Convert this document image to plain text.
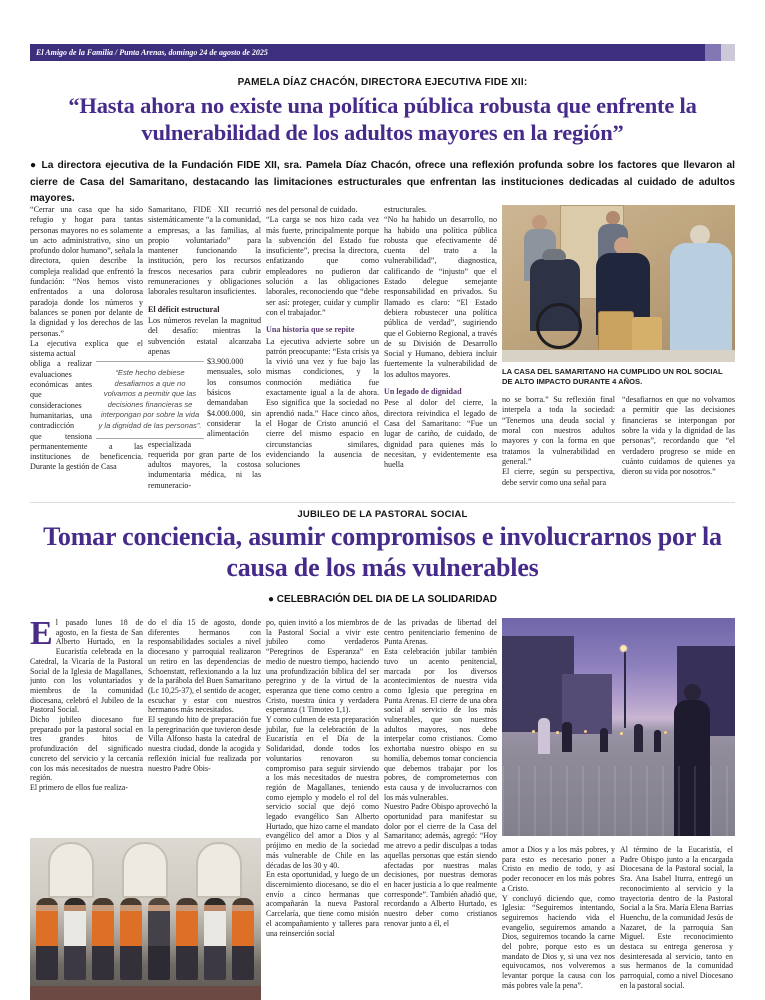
El Amigo de la Familia / Punta Arenas, domingo 24 de agosto de 2025
PAMELA DÍAZ CHACÓN, DIRECTORA EJECUTIVA FIDE XII:
“Hasta ahora no existe una política pública robusta que enfrente la vulnerabilidad de los adultos mayores en la región”
● La directora ejecutiva de la Fundación FIDE XII, sra. Pamela Díaz Chacón, ofrece una reflexión profunda sobre los factores que llevaron al cierre de Casa del Samaritano, destacando las limitaciones estructurales que enfrentan las instituciones dedicadas al cuidado de adultos mayores.

“Cerrar una casa que ha sido refugio y hogar para tantas personas mayores no es solamente un acto administrativo, sino un profundo dolor humano”, señala la directora, quien describe la compleja realidad que enfrentó la fundación: “Nos hemos visto enfrentados a una dolorosa paradoja donde los números y balances se ponen por delante de la dignidad y los derechos de las personas.”

La ejecutiva explica que el sistema actual

obliga a realizar evaluaciones económicas antes que consideraciones humanitarias, una contradicción

que tensiona permanentemente a las instituciones de beneficencia. Durante la gestión de Casa

Samaritano, FIDE XII recurrió sistemáticamente “a la comunidad, a empresas, a las familias, al propio voluntariado” para mantener funcionando la institución, pero los recursos frescos necesarios para cubrir remuneraciones y obligaciones laborales resultaron insuficientes.

El déficit estructural

Los números revelan la magnitud del desafío: mientras la subvención estatal alcanzaba apenas

$3.900.000 mensuales, solo los consumos básicos demandaban $4.000.000, sin considerar la alimentación especializada

requerida por gran parte de los adultos mayores, la costosa indumentaria médica, ni las remuneracio-

“Este hecho debiese desafiarnos a que no volvamos a permitir que las decisiones financieras se interpongan por sobre la vida y la dignidad de las personas”.

nes del personal de cuidado.

“La carga se nos hizo cada vez más fuerte, principalmente porque la subvención del Estado fue insuficiente”, precisa la directora, enfatizando que como empleadores no pudieron dar solución a las obligaciones laborales, reconociendo que “debe ser así: proteger, cuidar y cumplir con el trabajador.”

Una historia que se repite

La ejecutiva advierte sobre un patrón preocupante: “Esta crisis ya la vivió una vez y fue bajo las mismas condiciones, y la conmoción mediática fue exactamente igual a la de ahora. Eso significa que la sociedad no aprendió nada.” Hace cinco años, el Hogar de Cristo anunció el cierre del mismo espacio en circunstancias similares, evidenciando la ausencia de soluciones

estructurales.

“No ha habido un desarrollo, no ha habido una política pública robusta que efectivamente dé cuenta del trato a la vulnerabilidad”, diagnostica, calificando de “injusto” que el Estado delegue semejante responsabilidad en privados. Su llamado es claro: “El Estado debiera robustecer una política pública de verdad”, sugiriendo que el Gobierno Regional, a través de su División de Desarrollo Social y Humano, debiera incluir fuertemente la vulnerabilidad de los adultos mayores.

Un legado de dignidad

Pese al dolor del cierre, la directora reivindica el legado de Casa del Samaritano: “Fue un lugar de cariño, de cuidado, de dignidad para quienes más lo necesitan, y evidentemente esa huella

LA CASA DEL SAMARITANO HA CUMPLIDO UN ROL SOCIAL DE ALTO IMPACTO DURANTE 4 AÑOS.

no se borra.” Su reflexión final interpela a toda la sociedad: “Tenemos una deuda social y moral con nuestros adultos mayores y con la forma en que tratamos la vulnerabilidad en general.”

El cierre, según su perspectiva, debe servir como una señal para

“desafiarnos en que no volvamos a permitir que las decisiones financieras se interpongan por sobre la vida y la dignidad de las personas”, recordando que “el verdadero progreso se mide en cuánto cuidamos de quienes ya dieron su vida por nosotros.”

JUBILEO DE LA PASTORAL SOCIAL
Tomar conciencia, asumir compromisos e involucrarnos por la causa de los más vulnerables
● CELEBRACIÓN DEL DIA DE LA SOLIDARIDAD

El pasado lunes 18 de agosto, en la fiesta de San Alberto Hurtado, en la Eucaristía celebrada en la Catedral, la Vicaría de la Pastoral Social de la Iglesia de Magallanes, junto con los voluntariados y miembros de la comunidad diocesana, celebró el Jubileo de la Pastoral Social.

Dicho jubileo diocesano fue preparado por la pastoral social en tres grandes hitos de profundización del significado concreto del servicio y la cercanía con los más necesitados de nuestra región.

El primero de ellos fue realiza-

do el día 15 de agosto, donde diferentes hermanos con responsabilidades sociales a nivel diocesano y parroquial realizaron un retiro en las dependencias de Schoenstatt, reflexionando a la luz de la parábola del Buen Samaritano (Lc 10,25-37), el sentido de acoger, escuchar y estar con nuestros hermanos más necesitados.

El segundo hito de preparación fue la peregrinación que tuvieron desde Villa Alfonso hasta la catedral de nuestra ciudad, donde la acogida y reflexión inicial fue realizada por nuestro Padre Obis-

po, quien invitó a los miembros de la Pastoral Social a vivir este jubileo como verdaderos “Peregrinos de Esperanza” en medio de nuestro tiempo, haciendo una profundización bíblica del ser peregrino y de la virtud de la esperanza que tiene como centro a Cristo, nuestra única y verdadera esperanza (1 Timoteo 1,1).

Y como culmen de esta preparación jubilar, fue la celebración de la Eucaristía en el Día de la Solidaridad, donde todos los voluntarios renovaron su compromiso para seguir sirviendo a los más necesitados de nuestra región de Magallanes, teniendo como ejemplo y modelo el rol del servicio social que dejó como legado evangélico San Alberto Hurtado, que hizo carne el mandato evangélico del amor a Dios y al prójimo en medio de la sociedad más vulnerable de Chile en las décadas de los 30 y 40.

En esta oportunidad, y luego de un discernimiento diocesano, se dio el envío a cinco hermanas que acompañarán la nueva Pastoral Carcelaría, que tiene como misión el acompañamiento y talleres para una reinserción social

de las privadas de libertad del centro penitenciario femenino de Punta Arenas.

Esta celebración jubilar también tuvo un acento penitencial, marcada por los diversos acontecimientos de nuestra vida como Iglesia que peregrina en Punta Arenas. El cierre de una obra social al servicio de los más vulnerables, que son nuestros adultos mayores, nos debe interpelar como cristianos. Como exhortaba nuestro obispo en su homilía, debemos tomar conciencia que debemos trabajar por los pobres, de comprometernos con esta causa y de involucrarnos con los más vulnerables.

Nuestro Padre Obispo aprovechó la oportunidad para manifestar su dolor por el cierre de la Casa del Samaritano; además, agregó: “Hoy me atrevo a pedir disculpas a todas aquellas personas que están siendo afectadas por nuestras malas decisiones, por nuestras demoras en hacer justicia a lo que realmente corresponde”. También añadió que, recordando a Alberto Hurtado, es nuestro deber como cristianos renovar junto a él, el

amor a Dios y a los más pobres, y para esto es necesario poner a Cristo en medio de todo, y así poder reconocer en los más pobres a Cristo.

Y concluyó diciendo que, como Iglesia: “Seguiremos intentando, seguiremos haciendo vida el evangelio, seguiremos amando a Dios, seguiremos tocando la carne del pobre, porque esto es un mandato de Dios y, si una vez nos equivocamos, nos volveremos a levantar porque la causa con los más pobres vale la pena”.

Al término de la Eucaristía, el Padre Obispo junto a la encargada Diocesana de la Pastoral social, la Sra. Ana Isabel Iturra, entregó un reconocimiento al servicio y la trayectoria dentro de la Pastoral Social a la Sra. María Elena Barrias Huenchu, de la comunidad Jesús de Nazaret, de la parroquia San Miguel. Este reconocimiento destaca su entrega generosa y desinteresada al servicio, tanto en sus hermanos de la comunidad parroquial, como a nivel Diocesano en la pastoral social.
